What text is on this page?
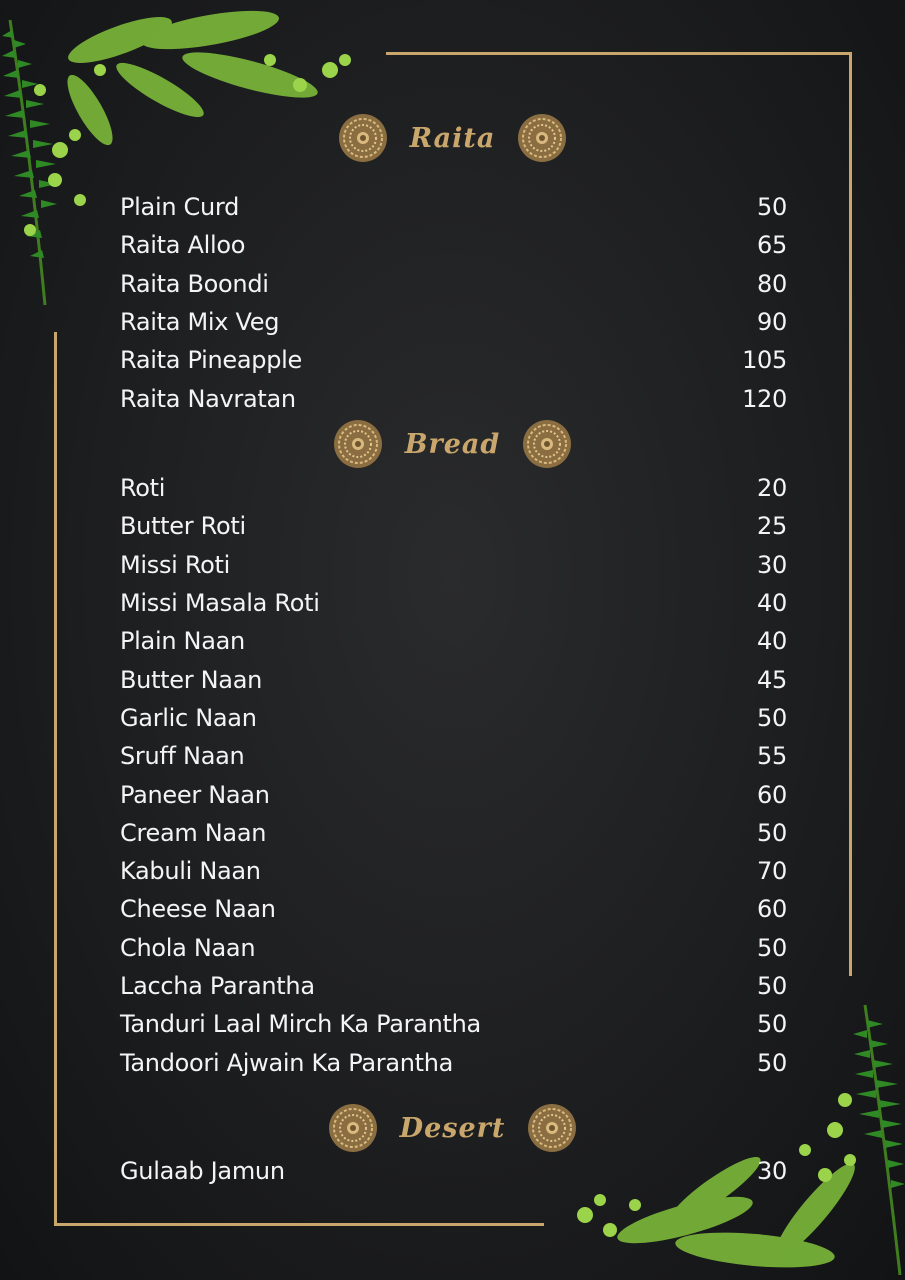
Raita
Plain Curd	50
Raita Alloo	65
Raita Boondi	80
Raita Mix Veg	90
Raita Pineapple	105
Raita Navratan	120
Bread
Roti	20
Butter Roti	25
Missi Roti	30
Missi Masala Roti	40
Plain Naan	40
Butter Naan	45
Garlic Naan	50
Sruff Naan	55
Paneer Naan	60
Cream Naan	50
Kabuli Naan	70
Cheese Naan	60
Chola Naan	50
Laccha Parantha	50
Tanduri Laal Mirch Ka Parantha	50
Tandoori Ajwain Ka Parantha	50
Desert
Gulaab Jamun	30
